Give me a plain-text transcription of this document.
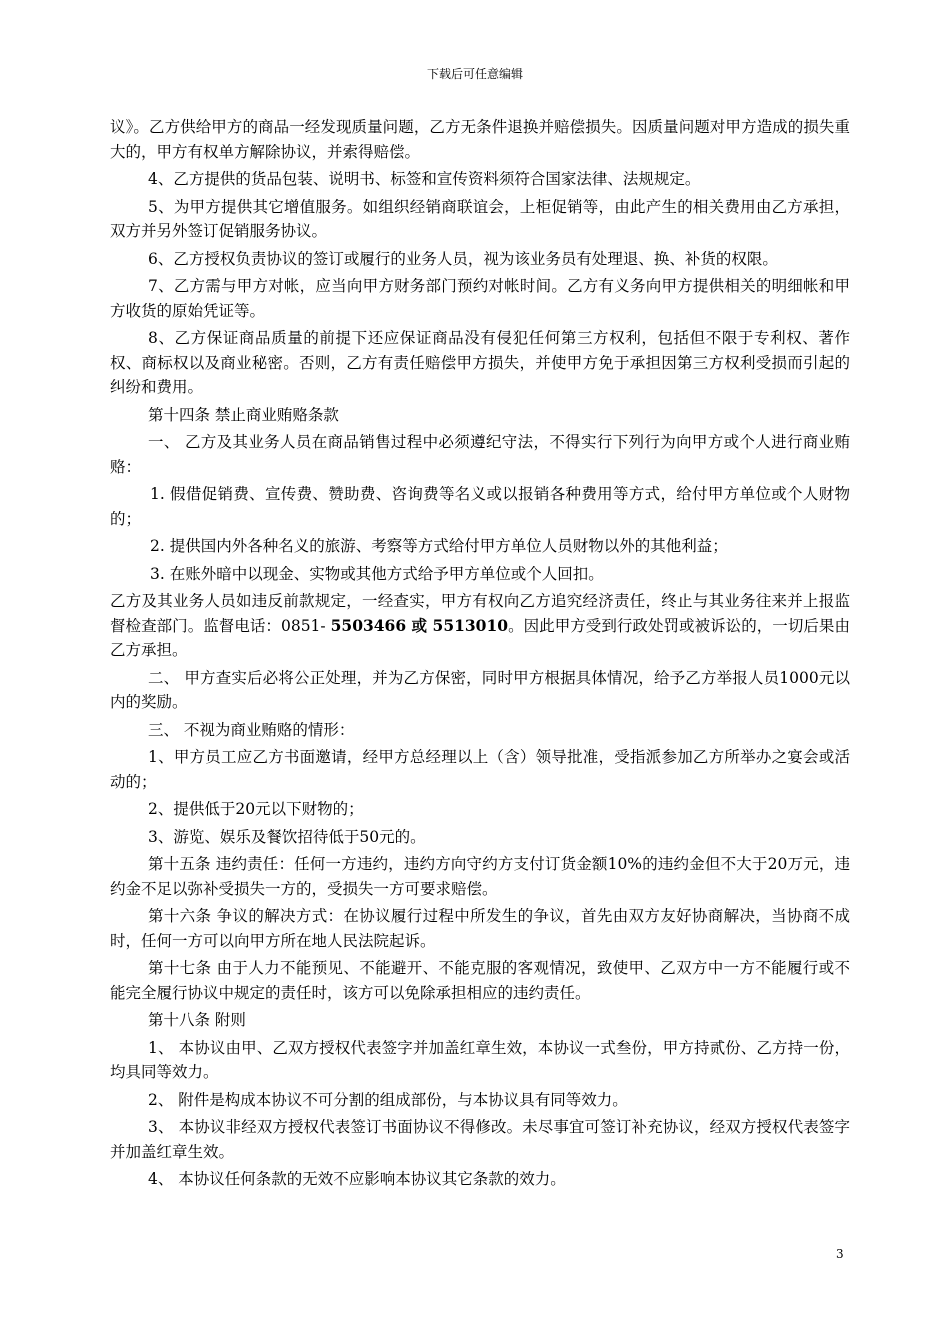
下载后可任意编辑

议》。乙方供给甲方的商品一经发现质量问题，乙方无条件退换并赔偿损失。因质量问题对甲方造成的损失重大的，甲方有权单方解除协议，并索得赔偿。

4、乙方提供的货品包装、说明书、标签和宣传资料须符合国家法律、法规规定。

5、为甲方提供其它增值服务。如组织经销商联谊会，上柜促销等，由此产生的相关费用由乙方承担，双方并另外签订促销服务协议。

6、乙方授权负责协议的签订或履行的业务人员，视为该业务员有处理退、换、补货的权限。

7、乙方需与甲方对帐，应当向甲方财务部门预约对帐时间。乙方有义务向甲方提供相关的明细帐和甲方收货的原始凭证等。

8、乙方保证商品质量的前提下还应保证商品没有侵犯任何第三方权利，包括但不限于专利权、著作权、商标权以及商业秘密。否则，乙方有责任赔偿甲方损失，并使甲方免于承担因第三方权利受损而引起的纠纷和费用。

第十四条 禁止商业贿赂条款

一、 乙方及其业务人员在商品销售过程中必须遵纪守法，不得实行下列行为向甲方或个人进行商业贿赂：

1. 假借促销费、宣传费、赞助费、咨询费等名义或以报销各种费用等方式，给付甲方单位或个人财物的；

2. 提供国内外各种名义的旅游、考察等方式给付甲方单位人员财物以外的其他利益；

3. 在账外暗中以现金、实物或其他方式给予甲方单位或个人回扣。

乙方及其业务人员如违反前款规定，一经查实，甲方有权向乙方追究经济责任，终止与其业务往来并上报监督检查部门。监督电话：0851- 5503466 或 5513010。因此甲方受到行政处罚或被诉讼的，一切后果由乙方承担。

二、 甲方查实后必将公正处理，并为乙方保密，同时甲方根据具体情况，给予乙方举报人员1000元以内的奖励。

三、 不视为商业贿赂的情形：

1、甲方员工应乙方书面邀请，经甲方总经理以上（含）领导批准，受指派参加乙方所举办之宴会或活动的；

2、提供低于20元以下财物的；

3、游览、娱乐及餐饮招待低于50元的。

第十五条 违约责任：任何一方违约，违约方向守约方支付订货金额10%的违约金但不大于20万元，违约金不足以弥补受损失一方的，受损失一方可要求赔偿。

第十六条 争议的解决方式：在协议履行过程中所发生的争议，首先由双方友好协商解决，当协商不成时，任何一方可以向甲方所在地人民法院起诉。

第十七条 由于人力不能预见、不能避开、不能克服的客观情况，致使甲、乙双方中一方不能履行或不能完全履行协议中规定的责任时，该方可以免除承担相应的违约责任。

第十八条 附则

1、 本协议由甲、乙双方授权代表签字并加盖红章生效，本协议一式叁份，甲方持贰份、乙方持一份，均具同等效力。

2、 附件是构成本协议不可分割的组成部份，与本协议具有同等效力。

3、 本协议非经双方授权代表签订书面协议不得修改。未尽事宜可签订补充协议，经双方授权代表签字并加盖红章生效。

4、 本协议任何条款的无效不应影响本协议其它条款的效力。

3
